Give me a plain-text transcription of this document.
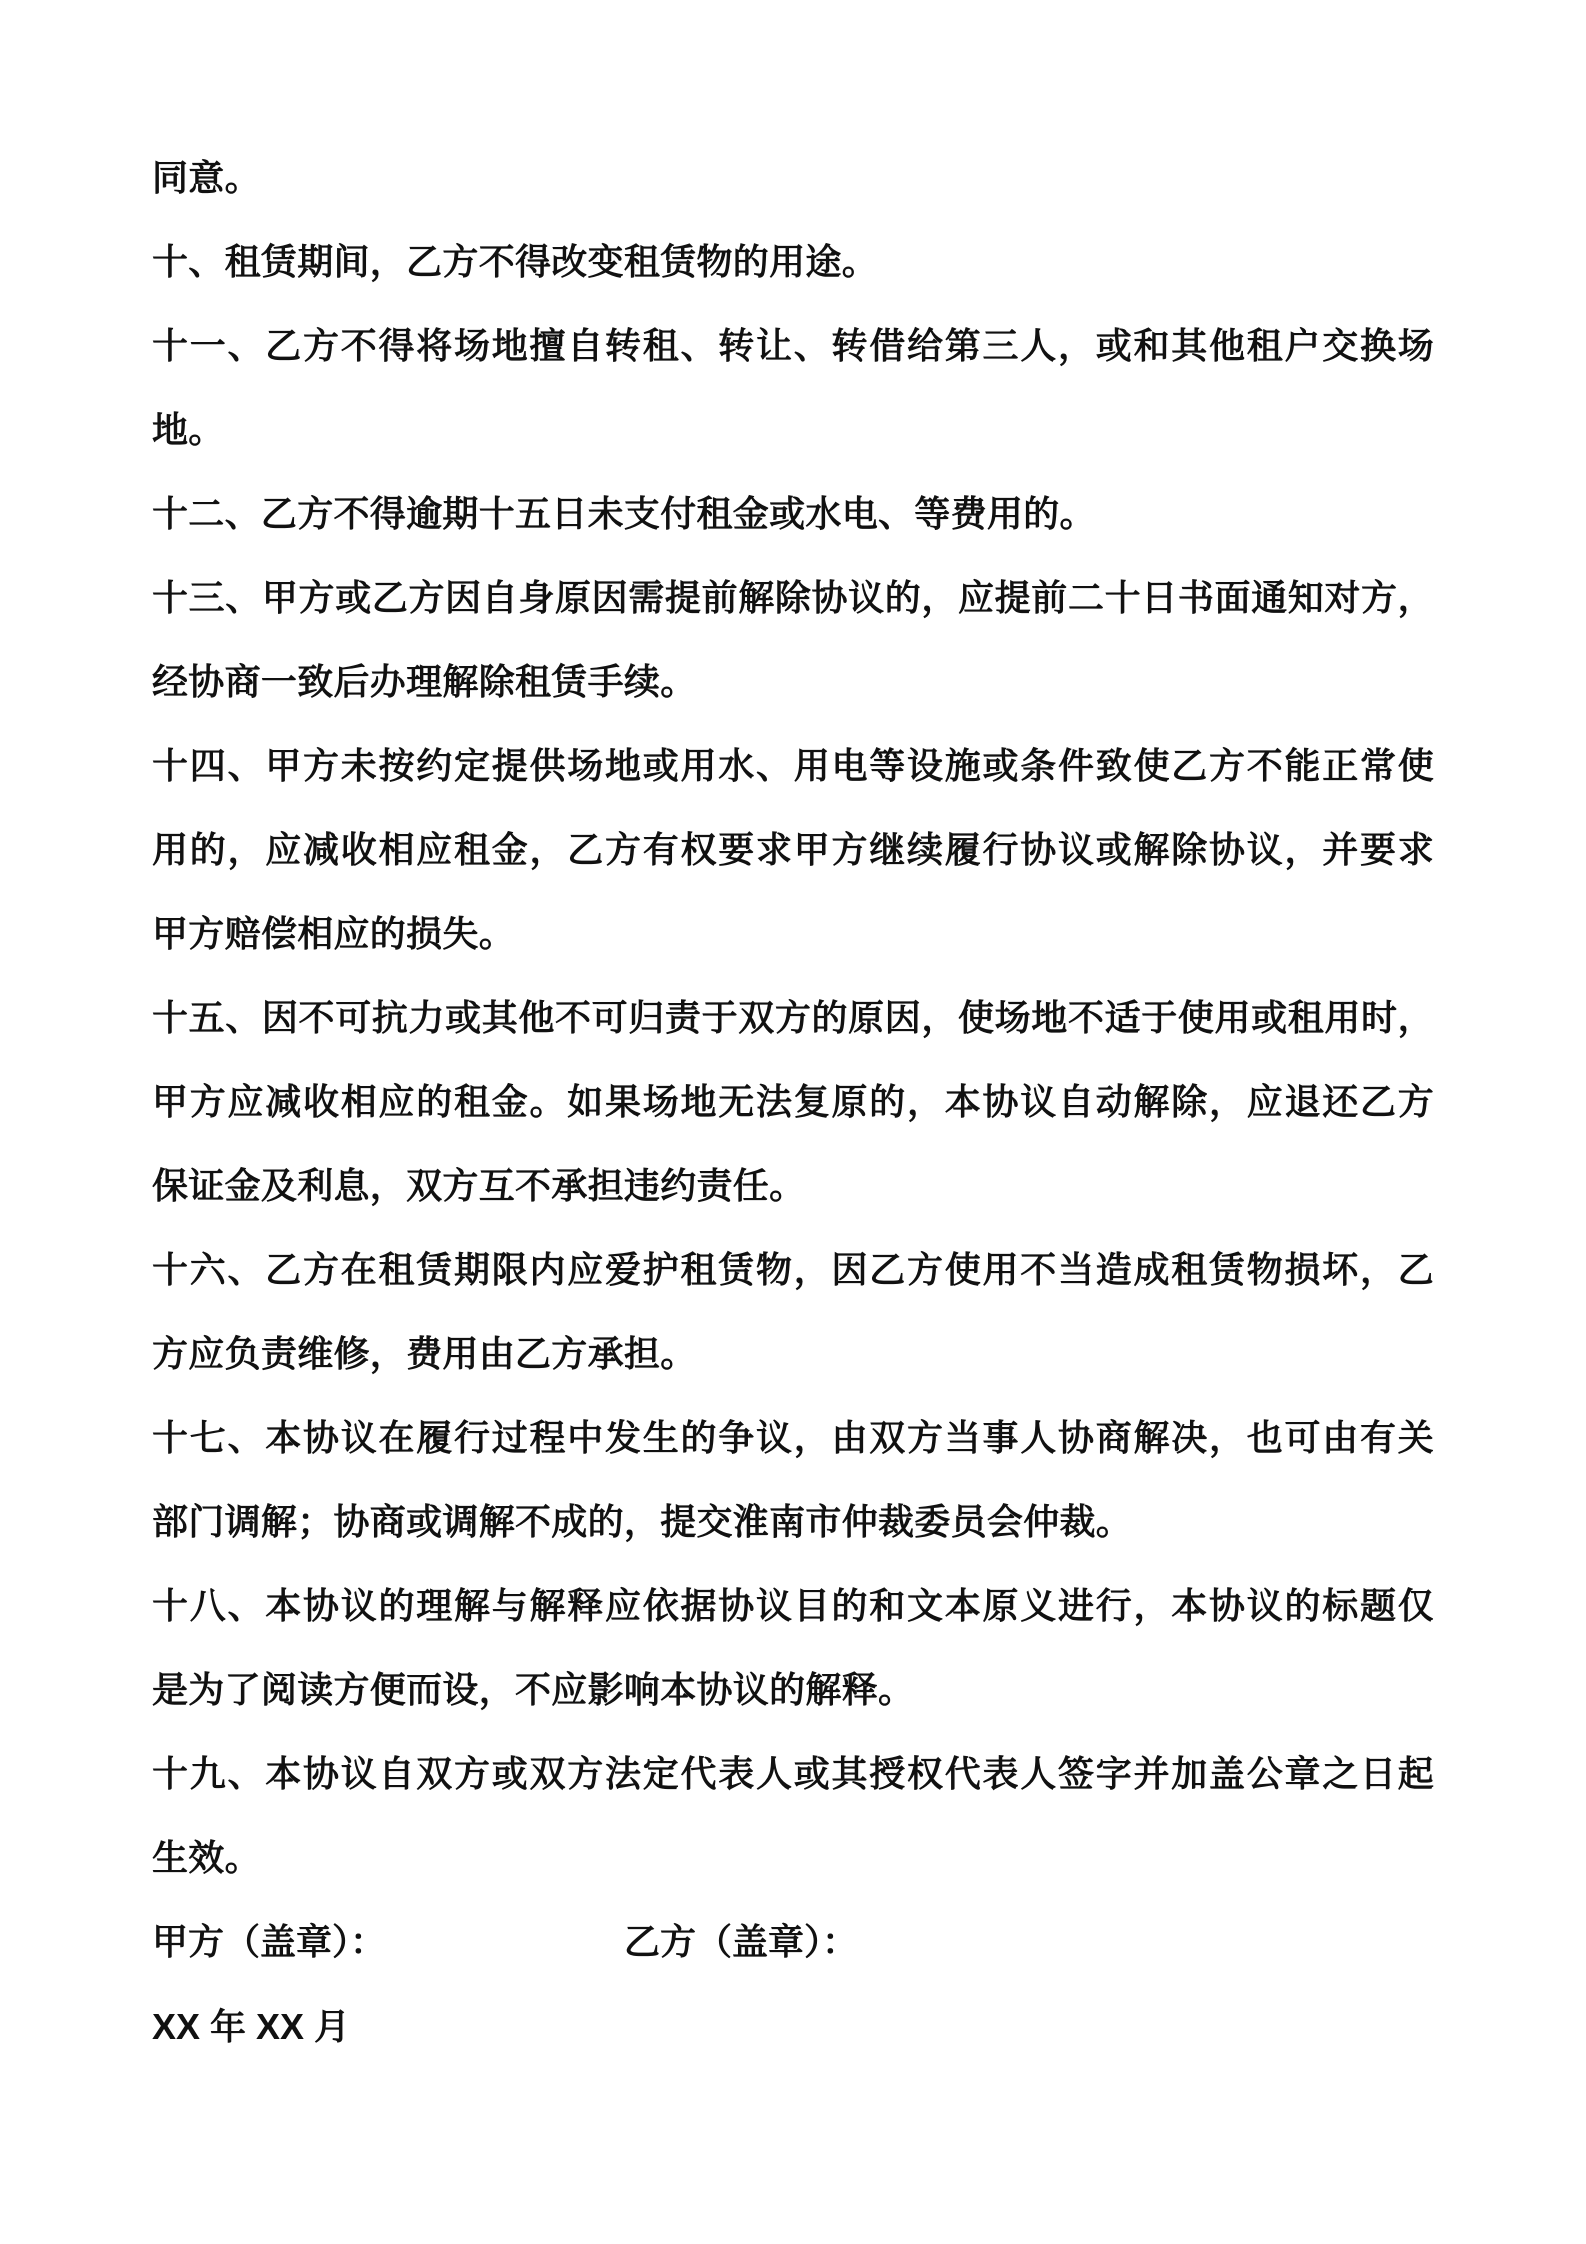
同意。
十、租赁期间，乙方不得改变租赁物的用途。
十一、乙方不得将场地擅自转租、转让、转借给第三人，或和其他租户交换场
地。
十二、乙方不得逾期十五日未支付租金或水电、等费用的。
十三、甲方或乙方因自身原因需提前解除协议的，应提前二十日书面通知对方，
经协商一致后办理解除租赁手续。
十四、甲方未按约定提供场地或用水、用电等设施或条件致使乙方不能正常使
用的，应减收相应租金，乙方有权要求甲方继续履行协议或解除协议，并要求
甲方赔偿相应的损失。
十五、因不可抗力或其他不可归责于双方的原因，使场地不适于使用或租用时，
甲方应减收相应的租金。如果场地无法复原的，本协议自动解除，应退还乙方
保证金及利息，双方互不承担违约责任。
十六、乙方在租赁期限内应爱护租赁物，因乙方使用不当造成租赁物损坏，乙
方应负责维修，费用由乙方承担。
十七、本协议在履行过程中发生的争议，由双方当事人协商解决，也可由有关
部门调解；协商或调解不成的，提交淮南市仲裁委员会仲裁。
十八、本协议的理解与解释应依据协议目的和文本原义进行，本协议的标题仅
是为了阅读方便而设，不应影响本协议的解释。
十九、本协议自双方或双方法定代表人或其授权代表人签字并加盖公章之日起
生效。
甲方（盖章）：	乙方（盖章）：
XX 年 XX 月
